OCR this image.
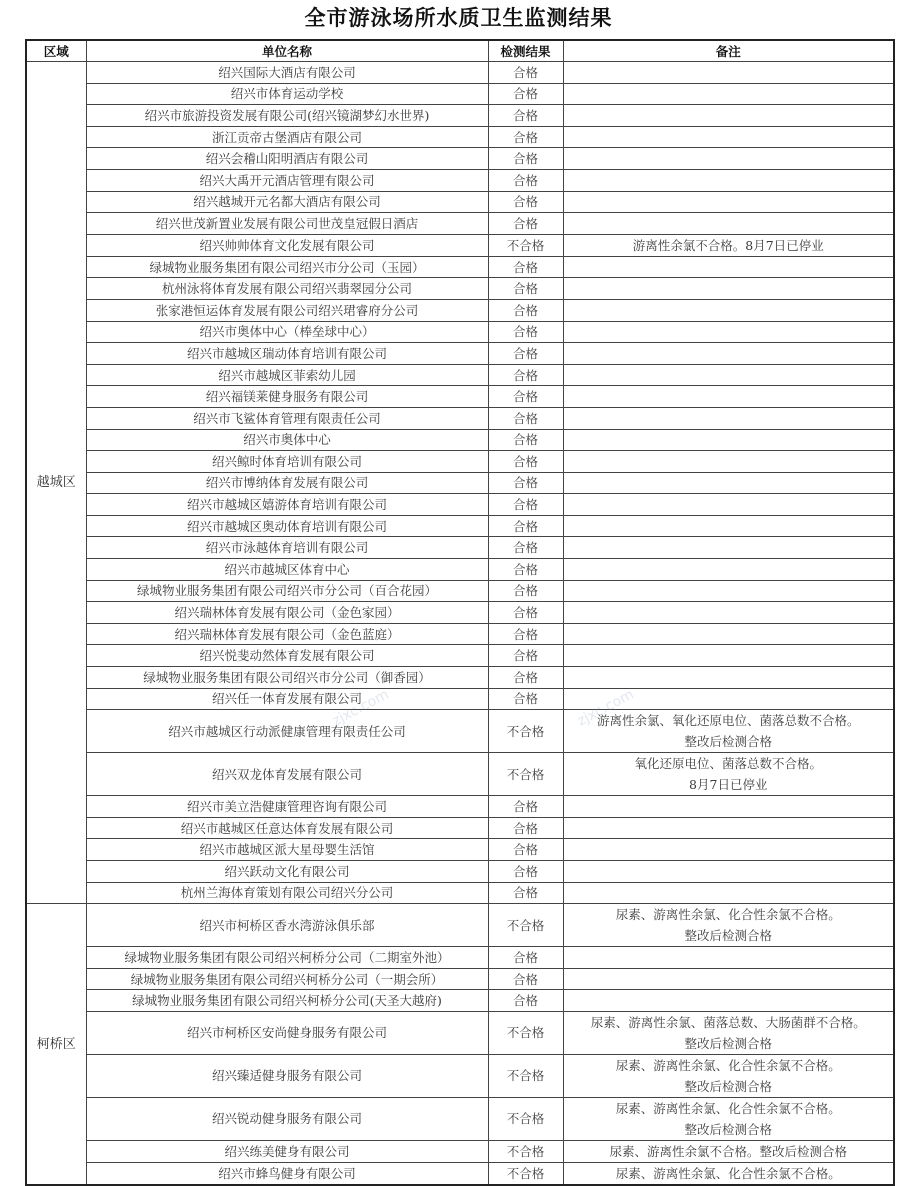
全市游泳场所水质卫生监测结果
区域	单位名称	检测结果	备注
越城区	绍兴国际大酒店有限公司	合格	
	绍兴市体育运动学校	合格	
	绍兴市旅游投资发展有限公司(绍兴镜湖梦幻水世界)	合格	
	浙江贡帝古堡酒店有限公司	合格	
	绍兴会稽山阳明酒店有限公司	合格	
	绍兴大禹开元酒店管理有限公司	合格	
	绍兴越城开元名都大酒店有限公司	合格	
	绍兴世茂新置业发展有限公司世茂皇冠假日酒店	合格	
	绍兴帅帅体育文化发展有限公司	不合格	游离性余氯不合格。8月7日已停业
	绿城物业服务集团有限公司绍兴市分公司（玉园）	合格	
	杭州泳将体育发展有限公司绍兴翡翠园分公司	合格	
	张家港恒运体育发展有限公司绍兴珺睿府分公司	合格	
	绍兴市奥体中心（棒垒球中心）	合格	
	绍兴市越城区瑞动体育培训有限公司	合格	
	绍兴市越城区菲索幼儿园	合格	
	绍兴福镁莱健身服务有限公司	合格	
	绍兴市飞鲨体育管理有限责任公司	合格	
	绍兴市奥体中心	合格	
	绍兴鲸时体育培训有限公司	合格	
	绍兴市博纳体育发展有限公司	合格	
	绍兴市越城区嬉游体育培训有限公司	合格	
	绍兴市越城区奥动体育培训有限公司	合格	
	绍兴市泳越体育培训有限公司	合格	
	绍兴市越城区体育中心	合格	
	绿城物业服务集团有限公司绍兴市分公司（百合花园）	合格	
	绍兴瑞林体育发展有限公司（金色家园）	合格	
	绍兴瑞林体育发展有限公司（金色蓝庭）	合格	
	绍兴悦斐动然体育发展有限公司	合格	
	绿城物业服务集团有限公司绍兴市分公司（御香园）	合格	
	绍兴任一体育发展有限公司	合格	
	绍兴市越城区行动派健康管理有限责任公司	不合格	游离性余氯、氧化还原电位、菌落总数不合格。
整改后检测合格

	绍兴双龙体育发展有限公司	不合格	氧化还原电位、菌落总数不合格。
8月7日已停业

	绍兴市美立浩健康管理咨询有限公司	合格	
	绍兴市越城区任意达体育发展有限公司	合格	
	绍兴市越城区派大星母婴生活馆	合格	
	绍兴跃动文化有限公司	合格	
	杭州兰海体育策划有限公司绍兴分公司	合格	
柯桥区	绍兴市柯桥区香水湾游泳俱乐部	不合格	尿素、游离性余氯、化合性余氯不合格。
整改后检测合格

	绿城物业服务集团有限公司绍兴柯桥分公司（二期室外池）	合格	
	绿城物业服务集团有限公司绍兴柯桥分公司（一期会所）	合格	
	绿城物业服务集团有限公司绍兴柯桥分公司(天圣大越府)	合格	
	绍兴市柯桥区安尚健身服务有限公司	不合格	尿素、游离性余氯、菌落总数、大肠菌群不合格。
整改后检测合格

	绍兴臻适健身服务有限公司	不合格	尿素、游离性余氯、化合性余氯不合格。
整改后检测合格

	绍兴锐动健身服务有限公司	不合格	尿素、游离性余氯、化合性余氯不合格。
整改后检测合格

	绍兴练美健身有限公司	不合格	尿素、游离性余氯不合格。整改后检测合格
	绍兴市蜂鸟健身有限公司	不合格	尿素、游离性余氯、化合性余氯不合格。
zjxc.com	zjxc.com
